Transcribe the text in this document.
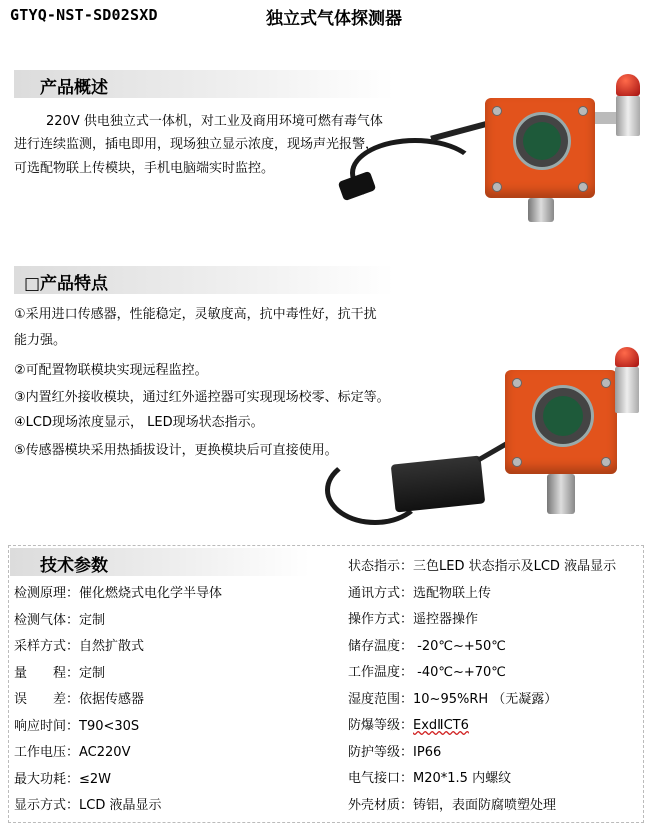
GTYQ-NST-SD02SXD	独立式气体探测器
产品概述
220V 供电独立式一体机，对工业及商用环境可燃有毒气体
进行连续监测，插电即用，现场独立显示浓度，现场声光报警，
可选配物联上传模块，手机电脑端实时监控。
□产品特点
①采用进口传感器，性能稳定，灵敏度高，抗中毒性好，抗干扰
能力强。
②可配置物联模块实现远程监控。
③内置红外接收模块，通过红外遥控器可实现现场校零、标定等。
④LCD现场浓度显示， LED现场状态指示。
⑤传感器模块采用热插拔设计，更换模块后可直接使用。
技术参数
检测原理：催化燃烧式电化学半导体
检测气体：定制
采样方式：自然扩散式
量　　程：定制
误　　差：依据传感器
响应时间：T90<30S
工作电压：AC220V
最大功耗：≤2W
显示方式：LCD 液晶显示
状态指示：三色LED 状态指示及LCD 液晶显示
通讯方式：选配物联上传
操作方式：遥控器操作
储存温度： -20℃~+50℃
工作温度： -40℃~+70℃
湿度范围：10~95%RH （无凝露）
防爆等级：ExdⅡCT6
防护等级：IP66
电气接口：M20*1.5 内螺纹
外壳材质：铸铝，表面防腐喷塑处理
